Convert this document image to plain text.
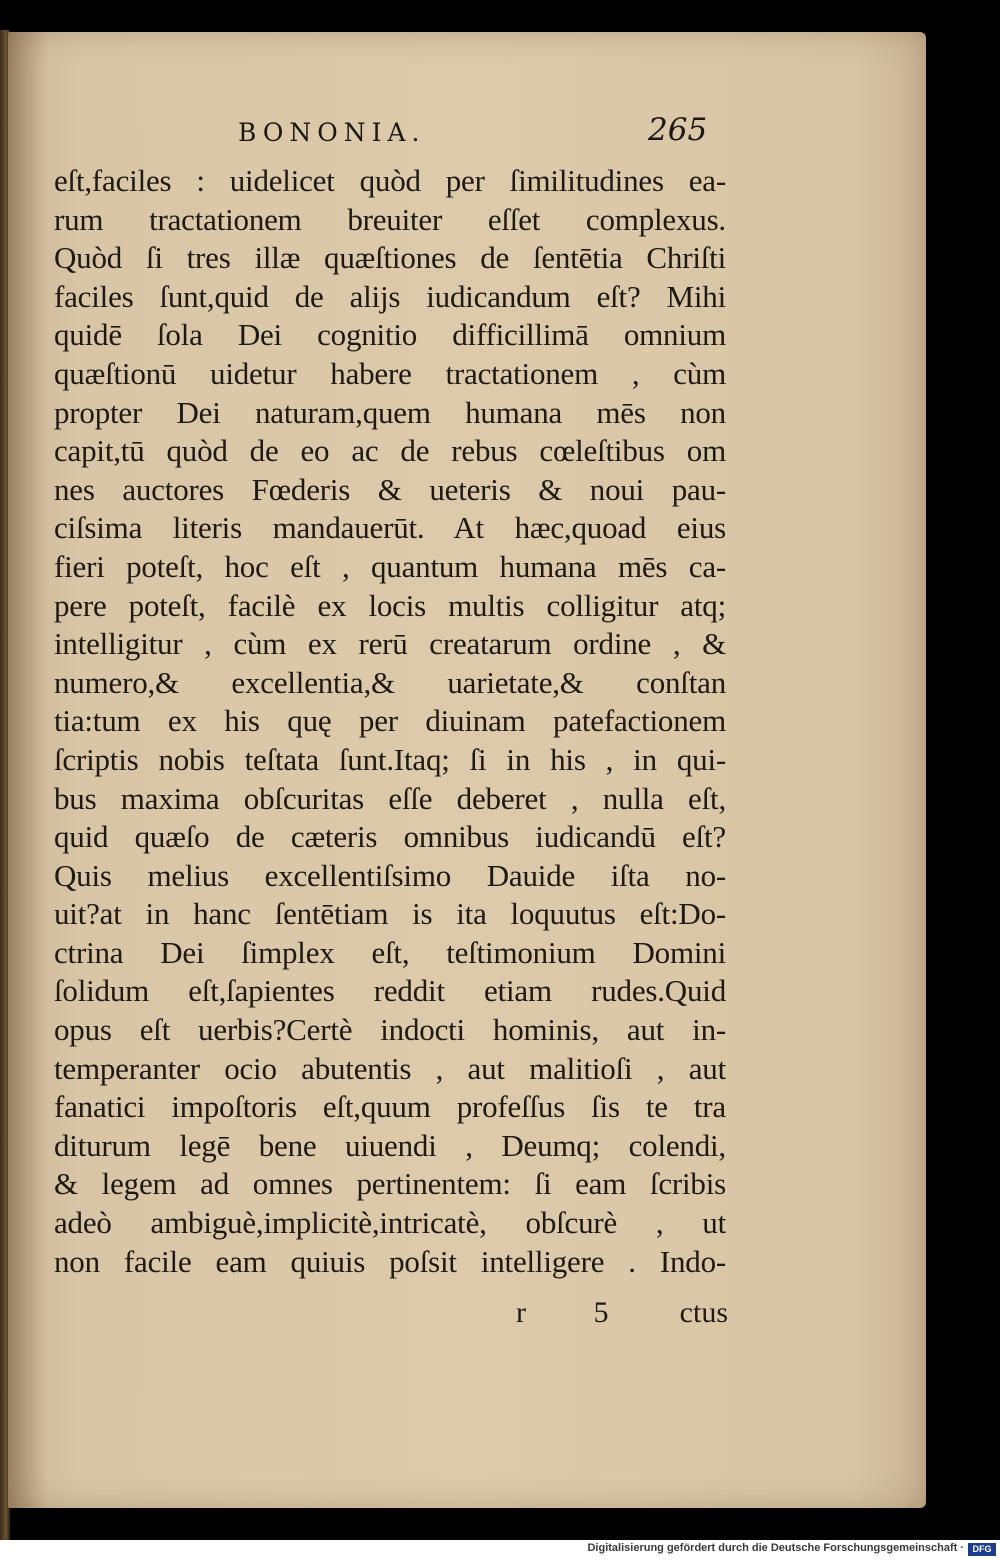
BONONIA.	265
eſt,faciles : uidelicet quòd per ſimilitudines ea-
rum tractationem breuiter eſſet complexus.
Quòd ſi tres illæ quæſtiones de ſentētia Chriſti
faciles ſunt,quid de alijs iudicandum eſt? Mihi
quidē ſola Dei cognitio difficillimā omnium
quæſtionū uidetur habere tractationem , cùm
propter Dei naturam,quem humana mēs non
capit,tū quòd de eo ac de rebus cœleſtibus om
nes auctores Fœderis & ueteris & noui pau-
ciſsima literis mandauerūt. At hæc,quoad eius
fieri poteſt, hoc eſt , quantum humana mēs ca-
pere poteſt, facilè ex locis multis colligitur atq;
intelligitur , cùm ex rerū creatarum ordine , &
numero,& excellentia,& uarietate,& conſtan
tia:tum ex his quę per diuinam patefactionem
ſcriptis nobis teſtata ſunt.Itaq; ſi in his , in qui-
bus maxima obſcuritas eſſe deberet , nulla eſt,
quid quæſo de cæteris omnibus iudicandū eſt?
Quis melius excellentiſsimo Dauide iſta no-
uit?at in hanc ſentētiam is ita loquutus eſt:Do-
ctrina Dei ſimplex eſt, teſtimonium Domini
ſolidum eſt,ſapientes reddit etiam rudes.Quid
opus eſt uerbis?Certè indocti hominis, aut in-
temperanter ocio abutentis , aut malitioſi , aut
fanatici impoſtoris eſt,quum profeſſus ſis te tra
diturum legē bene uiuendi , Deumq; colendi,
& legem ad omnes pertinentem: ſi eam ſcribis
adeò ambiguè,implicitè,intricatè, obſcurè , ut
non facile eam quiuis poſsit intelligere . Indo-
r 5 ctus
Digitalisierung gefördert durch die Deutsche Forschungsgemeinschaft · DFG
